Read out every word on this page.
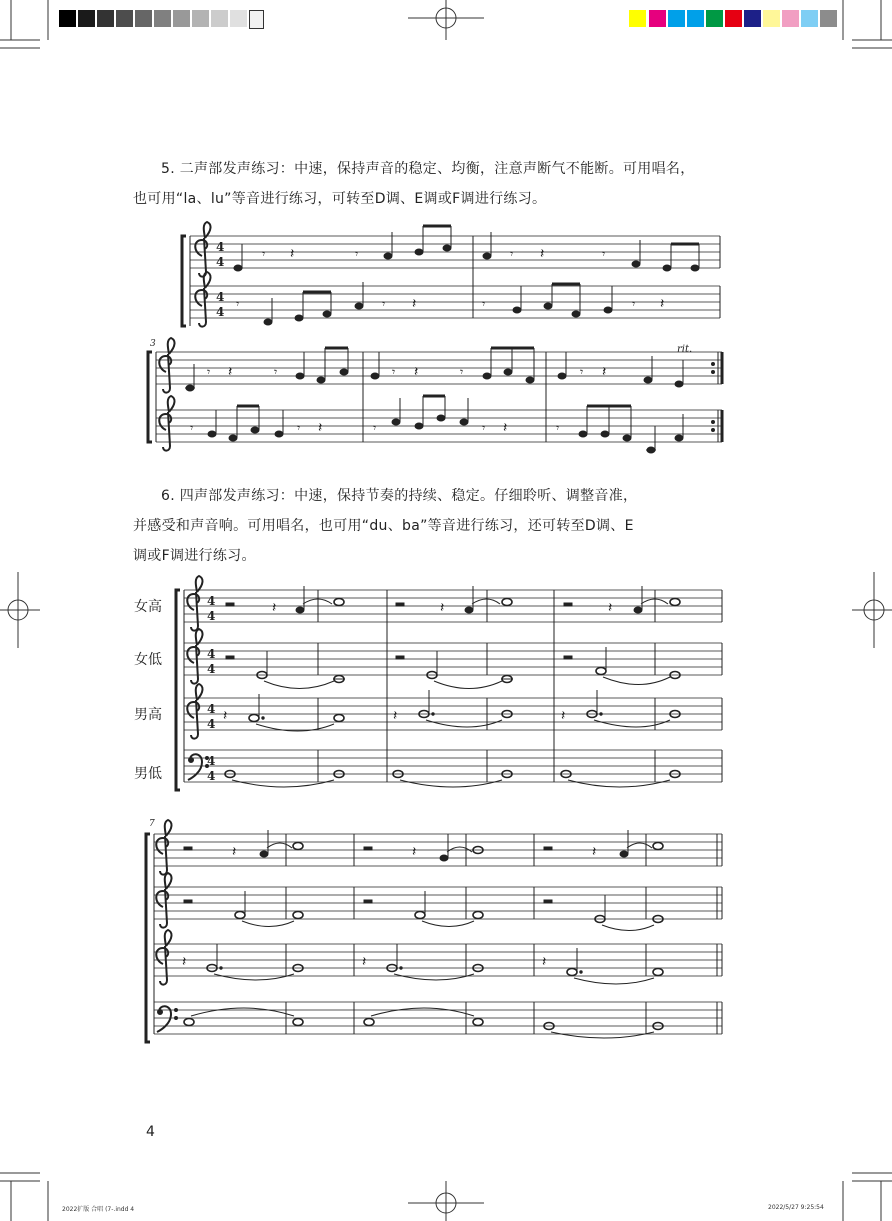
5. 二声部发声练习：中速，保持声音的稳定、均衡，注意声断气不能断。可用唱名，
也可用“la、lu”等音进行练习，可转至D调、E调或F调进行练习。
4
4
4
4
𝄾 𝄽	𝄾	𝄾 𝄽	𝄾
𝄾	𝄾 𝄽	𝄾	𝄾 𝄽
3
𝄾 𝄽	𝄾	𝄾 𝄽	𝄾	𝄾 𝄽
rit.
𝄾	𝄾 𝄽	𝄾	𝄾 𝄽	𝄾
6. 四声部发声练习：中速，保持节奏的持续、稳定。仔细聆听、调整音准，
并感受和声音响。可用唱名，也可用“du、ba”等音进行练习，还可转至D调、E
调或F调进行练习。
女高
女低
男高
男低
4
4
4
4
4
4
4
4
𝄽	𝄽	𝄽
𝄽	𝄽	𝄽
7
𝄽	𝄽	𝄽
𝄽	𝄽	𝄽
4
2022扩版 合唱 (7-.indd 4	2022/5/27 9:25:54
